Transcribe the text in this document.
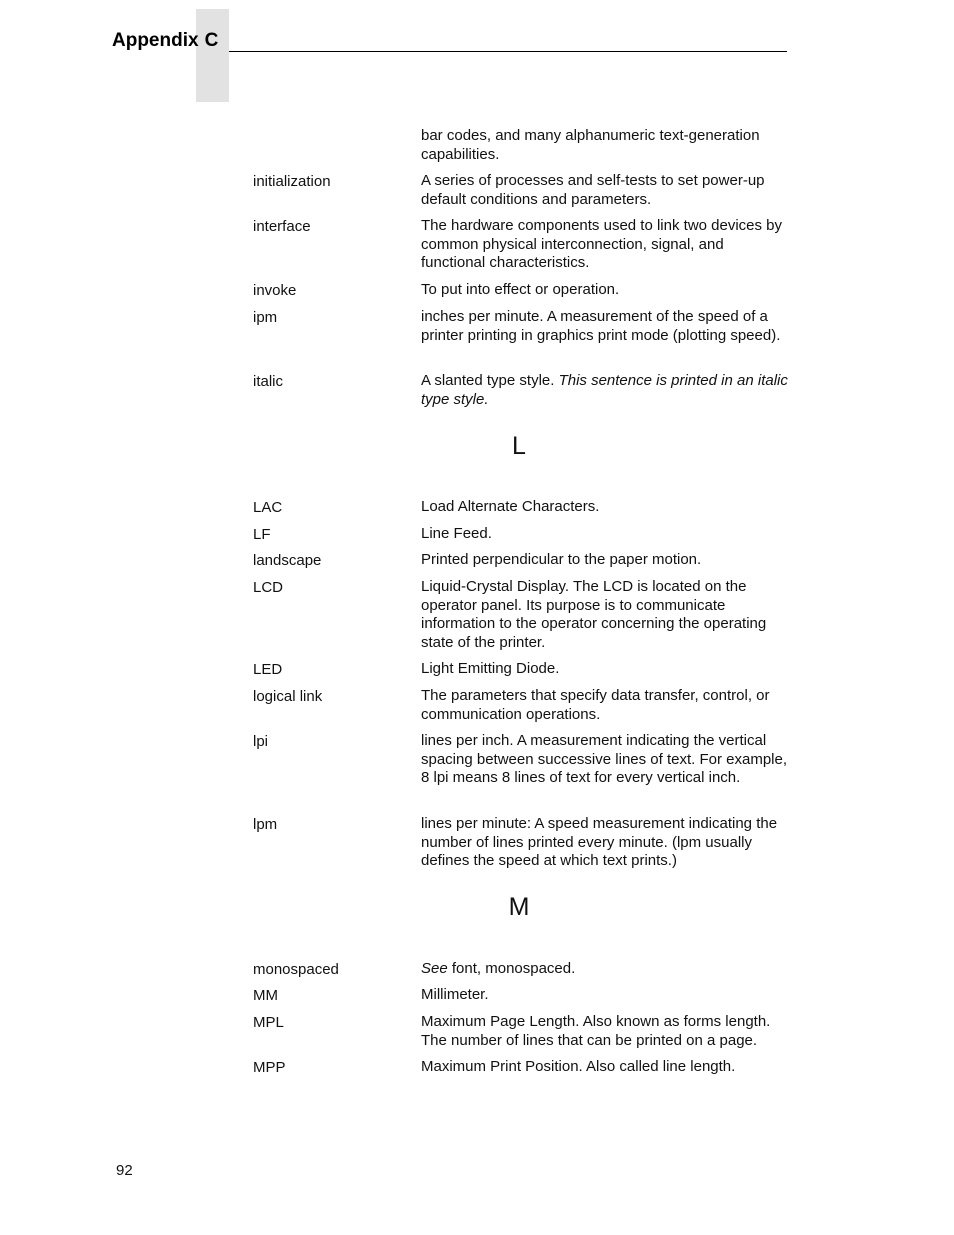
Appendix C
bar codes, and many alphanumeric text-generation capabilities.
initialization	A series of processes and self-tests to set power-up default conditions and parameters.
interface	The hardware components used to link two devices by common physical interconnection, signal, and functional characteristics.
invoke	To put into effect or operation.
ipm	inches per minute. A measurement of the speed of a printer printing in graphics print mode (plotting speed).
italic	A slanted type style. This sentence is printed in an italic type style.
L
LAC	Load Alternate Characters.
LF	Line Feed.
landscape	Printed perpendicular to the paper motion.
LCD	Liquid-Crystal Display. The LCD is located on the operator panel. Its purpose is to communicate information to the operator concerning the operating state of the printer.
LED	Light Emitting Diode.
logical link	The parameters that specify data transfer, control, or communication operations.
lpi	lines per inch. A measurement indicating the vertical spacing between successive lines of text. For example, 8 lpi means 8 lines of text for every vertical inch.
lpm	lines per minute: A speed measurement indicating the number of lines printed every minute. (lpm usually defines the speed at which text prints.)
M
monospaced	See font, monospaced.
MM	Millimeter.
MPL	Maximum Page Length. Also known as forms length. The number of lines that can be printed on a page.
MPP	Maximum Print Position. Also called line length.
92
